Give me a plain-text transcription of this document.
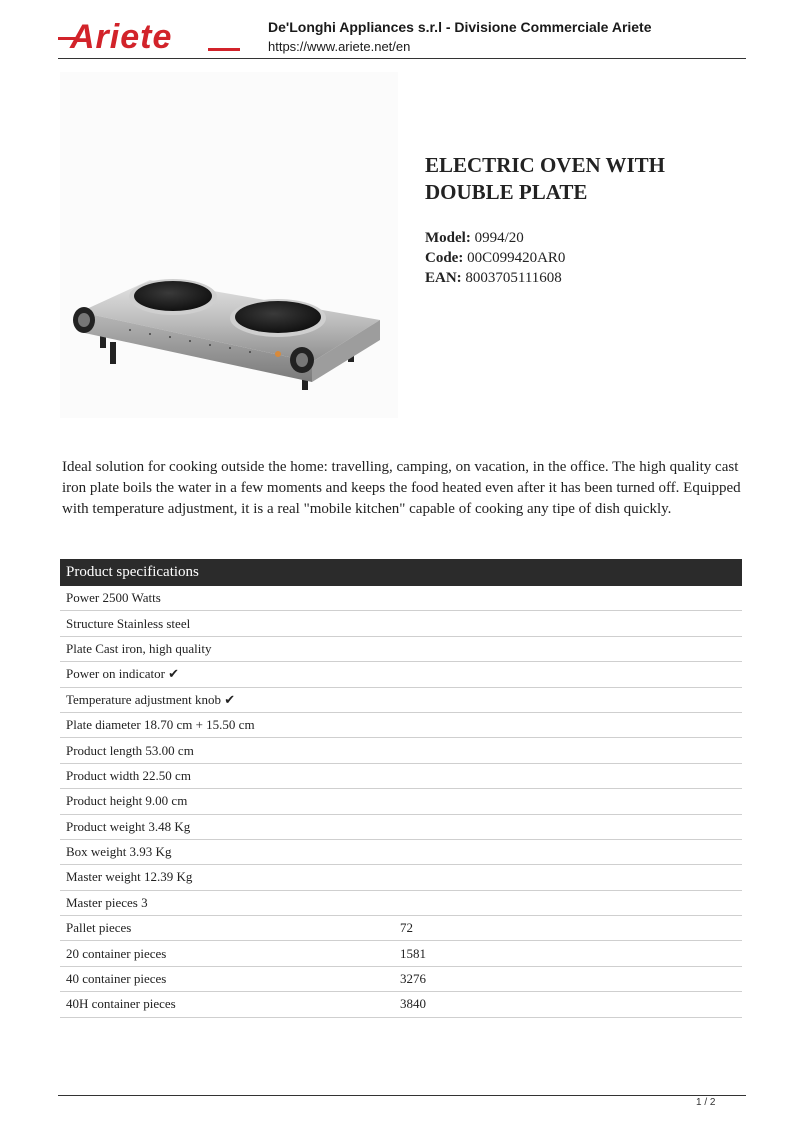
Ariete	De'Longhi Appliances s.r.l - Divisione Commerciale Ariete
https://www.ariete.net/en
ELECTRIC OVEN WITH DOUBLE PLATE
Model: 0994/20
Code: 00C099420AR0
EAN: 8003705111608
Ideal solution for cooking outside the home: travelling, camping, on vacation, in the office. The high quality cast iron plate boils the water in a few moments and keeps the food heated even after it has been turned off. Equipped with temperature adjustment, it is a real "mobile kitchen" capable of cooking any tipe of dish quickly.
Product specifications	
Power 2500 Watts	
Structure Stainless steel	
Plate Cast iron, high quality	
Power on indicator ✔	
Temperature adjustment knob ✔	
Plate diameter 18.70 cm + 15.50 cm	
Product length 53.00 cm	
Product width 22.50 cm	
Product height 9.00 cm	
Product weight 3.48 Kg	
Box weight 3.93 Kg	
Master weight 12.39 Kg	
Master pieces 3	
Pallet pieces	72
20 container pieces	1581
40 container pieces	3276
40H container pieces	3840
1 / 2
